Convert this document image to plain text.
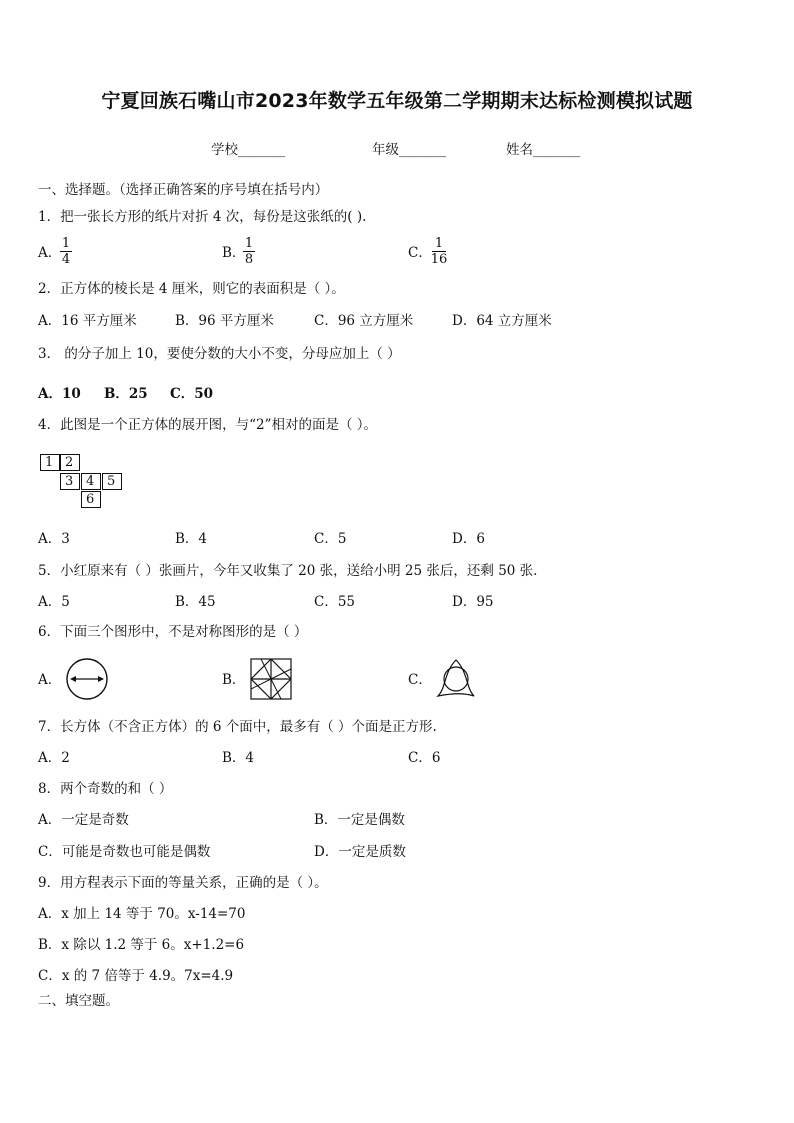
宁夏回族石嘴山市2023年数学五年级第二学期期末达标检测模拟试题
学校_______	年级_______	姓名_______
一、选择题。（选择正确答案的序号填在括号内）
1．把一张长方形的纸片对折 4 次，每份是这张纸的( ).
A．
1
4	B．
1
8	C．
1
16
2．正方体的棱长是 4 厘米，则它的表面积是（ ）。
A．16 平方厘米	B．96 平方厘米	C．96 立方厘米	D．64 立方厘米
3． 的分子加上 10，要使分数的大小不变，分母应加上（ ）
A．10 B．25 C．50
4．此图是一个正方体的展开图，与“2”相对的面是（ ）。
1 2
3 4 5
6
A．3	B．4	C．5	D．6
5．小红原来有（ ）张画片，今年又收集了 20 张，送给小明 25 张后，还剩 50 张.
A．5	B．45	C．55	D．95
6．下面三个图形中，不是对称图形的是（ ）
A．	B．	C．
7．长方体（不含正方体）的 6 个面中，最多有（ ）个面是正方形.
A．2	B．4	C．6
8．两个奇数的和（ ）
A．一定是奇数	B．一定是偶数
C．可能是奇数也可能是偶数	D．一定是质数
9．用方程表示下面的等量关系，正确的是（ ）。
A．x 加上 14 等于 70。x-14=70
B．x 除以 1.2 等于 6。x+1.2=6
C．x 的 7 倍等于 4.9。7x=4.9
二、填空题。
